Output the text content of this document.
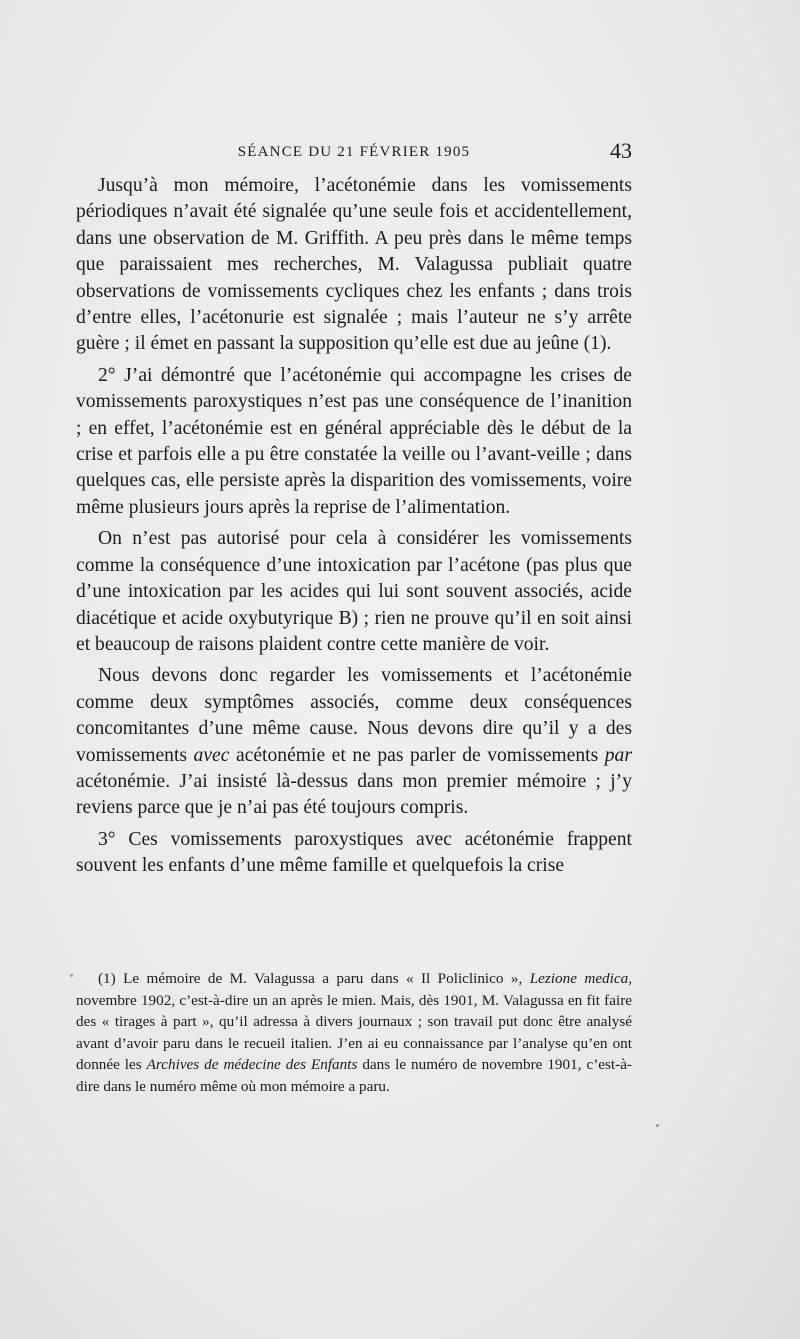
SÉANCE DU 21 FÉVRIER 1905	43

Jusqu’à mon mémoire, l’acétonémie dans les vomissements périodiques n’avait été signalée qu’une seule fois et accidentellement, dans une observation de M. Griffith. A peu près dans le même temps que paraissaient mes recherches, M. Valagussa publiait quatre observations de vomissements cycliques chez les enfants ; dans trois d’entre elles, l’acétonurie est signalée ; mais l’auteur ne s’y arrête guère ; il émet en passant la supposition qu’elle est due au jeûne (1).

2° J’ai démontré que l’acétonémie qui accompagne les crises de vomissements paroxystiques n’est pas une conséquence de l’inanition ; en effet, l’acétonémie est en général appréciable dès le début de la crise et parfois elle a pu être constatée la veille ou l’avant-veille ; dans quelques cas, elle persiste après la disparition des vomissements, voire même plusieurs jours après la reprise de l’alimentation.

On n’est pas autorisé pour cela à considérer les vomissements comme la conséquence d’une intoxication par l’acétone (pas plus que d’une intoxication par les acides qui lui sont souvent associés, acide diacétique et acide oxybutyrique B) ; rien ne prouve qu’il en soit ainsi et beaucoup de raisons plaident contre cette manière de voir.

Nous devons donc regarder les vomissements et l’acétonémie comme deux symptômes associés, comme deux conséquences concomitantes d’une même cause. Nous devons dire qu’il y a des vomissements avec acétonémie et ne pas parler de vomissements par acétonémie. J’ai insisté là-dessus dans mon premier mémoire ; j’y reviens parce que je n’ai pas été toujours compris.

3° Ces vomissements paroxystiques avec acétonémie frappent souvent les enfants d’une même famille et quelquefois la crise

(1) Le mémoire de M. Valagussa a paru dans « Il Policlinico », Lezione medica, novembre 1902, c’est-à-dire un an après le mien. Mais, dès 1901, M. Valagussa en fit faire des « tirages à part », qu’il adressa à divers journaux ; son travail put donc être analysé avant d’avoir paru dans le recueil italien. J’en ai eu connaissance par l’analyse qu’en ont donnée les Archives de médecine des Enfants dans le numéro de novembre 1901, c’est-à-dire dans le numéro même où mon mémoire a paru.
